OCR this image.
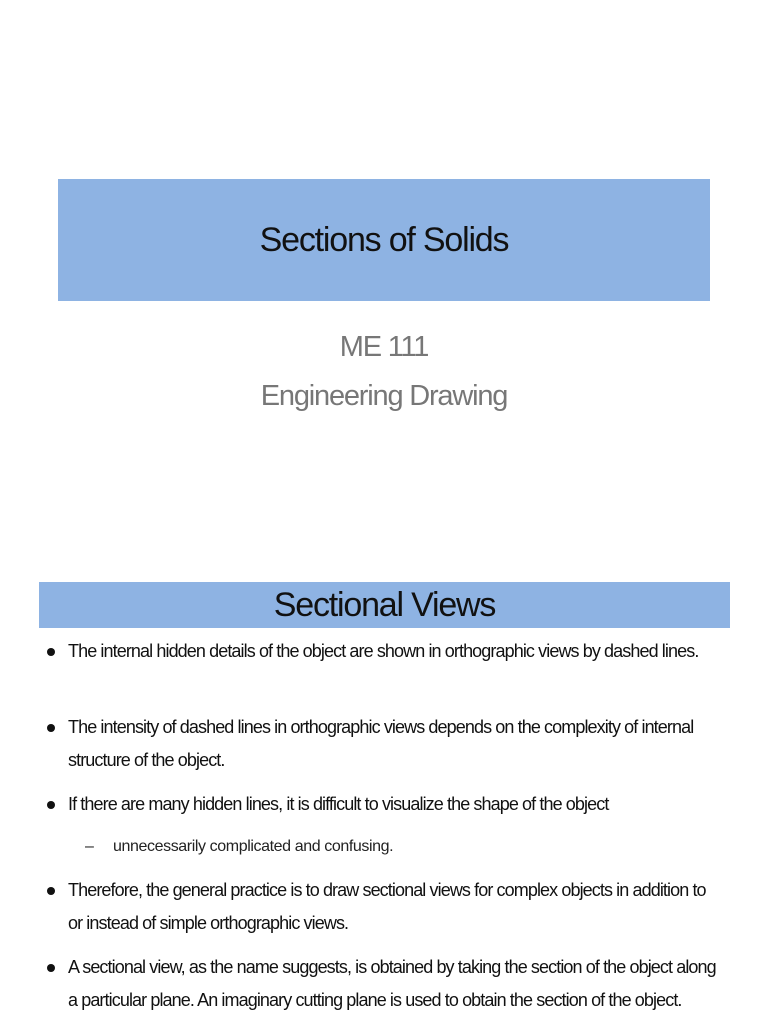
Sections of Solids
ME 111
Engineering Drawing
Sectional Views
The internal hidden details of the object are shown in orthographic views by dashed lines.
The intensity of dashed lines in orthographic views depends on the complexity of internal structure of the object.
If there are many hidden lines, it is difficult to visualize the shape of the object
– unnecessarily complicated and confusing.
Therefore, the general practice is to draw sectional views for complex objects in addition to or instead of simple orthographic views.
A sectional view, as the name suggests, is obtained by taking the section of the object along a particular plane. An imaginary cutting plane is used to obtain the section of the object.
